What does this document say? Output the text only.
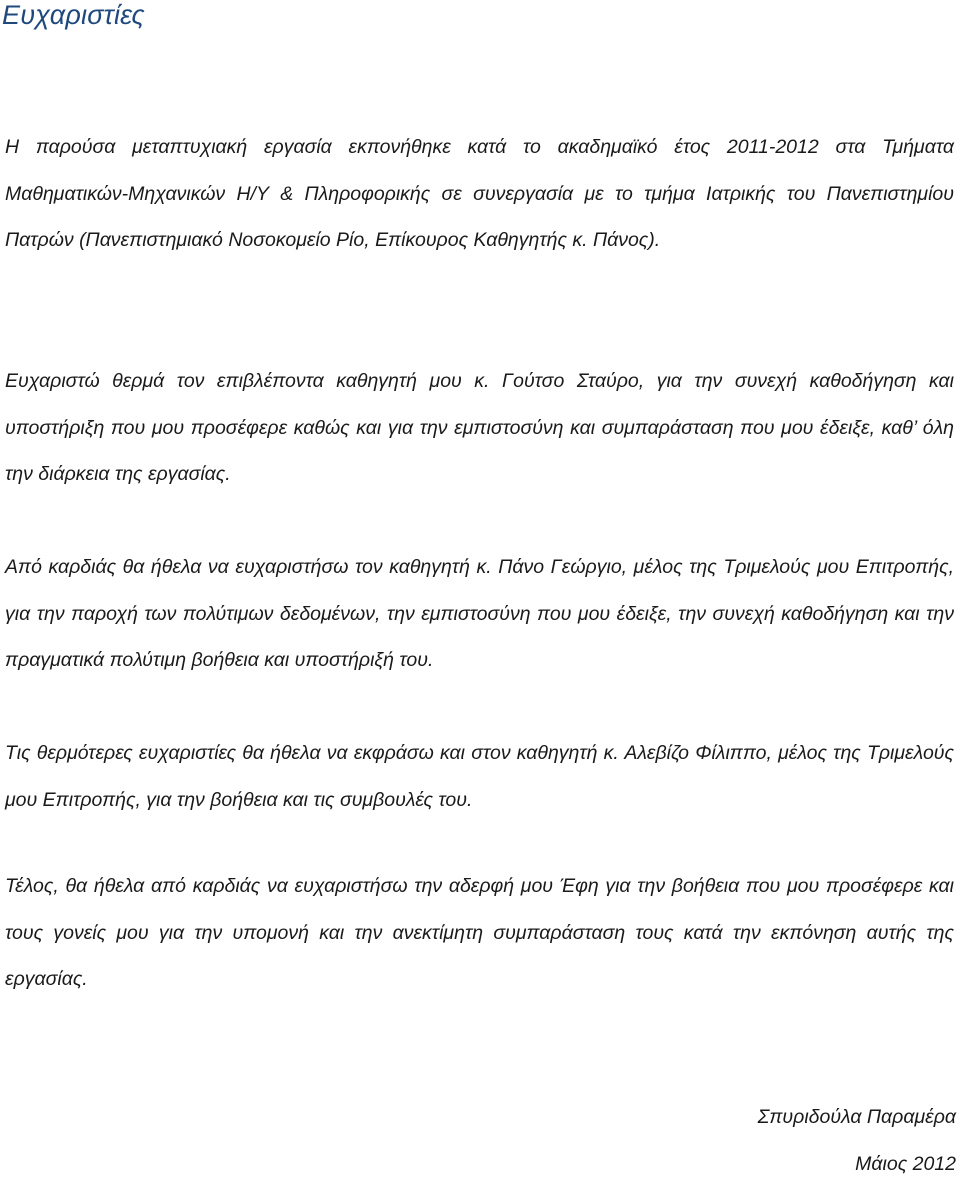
Ευχαριστίες

Η παρούσα μεταπτυχιακή εργασία εκπονήθηκε κατά το ακαδημαϊκό έτος 2011-2012 στα Τμήματα Μαθηματικών-Μηχανικών Η/Υ & Πληροφορικής σε συνεργασία με το τμήμα Ιατρικής του Πανεπιστημίου Πατρών (Πανεπιστημιακό Νοσοκομείο Ρίο, Επίκουρος Καθηγητής κ. Πάνος).

Ευχαριστώ θερμά τον επιβλέποντα καθηγητή μου κ. Γούτσο Σταύρο, για την συνεχή καθοδήγηση και υποστήριξη που μου προσέφερε καθώς και για την εμπιστοσύνη και συμπαράσταση που μου έδειξε, καθ’ όλη την διάρκεια της εργασίας.

Από καρδιάς θα ήθελα να ευχαριστήσω τον καθηγητή κ. Πάνο Γεώργιο, μέλος της Τριμελούς μου Επιτροπής, για την παροχή των πολύτιμων δεδομένων, την εμπιστοσύνη που μου έδειξε, την συνεχή καθοδήγηση και την πραγματικά πολύτιμη βοήθεια και υποστήριξή του.

Τις θερμότερες ευχαριστίες θα ήθελα να εκφράσω και στον καθηγητή κ. Αλεβίζο Φίλιππο, μέλος της Τριμελούς μου Επιτροπής, για την βοήθεια και τις συμβουλές του.

Τέλος, θα ήθελα από καρδιάς να ευχαριστήσω την αδερφή μου Έφη για την βοήθεια που μου προσέφερε και τους γονείς μου για την υπομονή και την ανεκτίμητη συμπαράσταση τους κατά την εκπόνηση αυτής της εργασίας.

Σπυριδούλα Παραμέρα

Μάιος 2012
